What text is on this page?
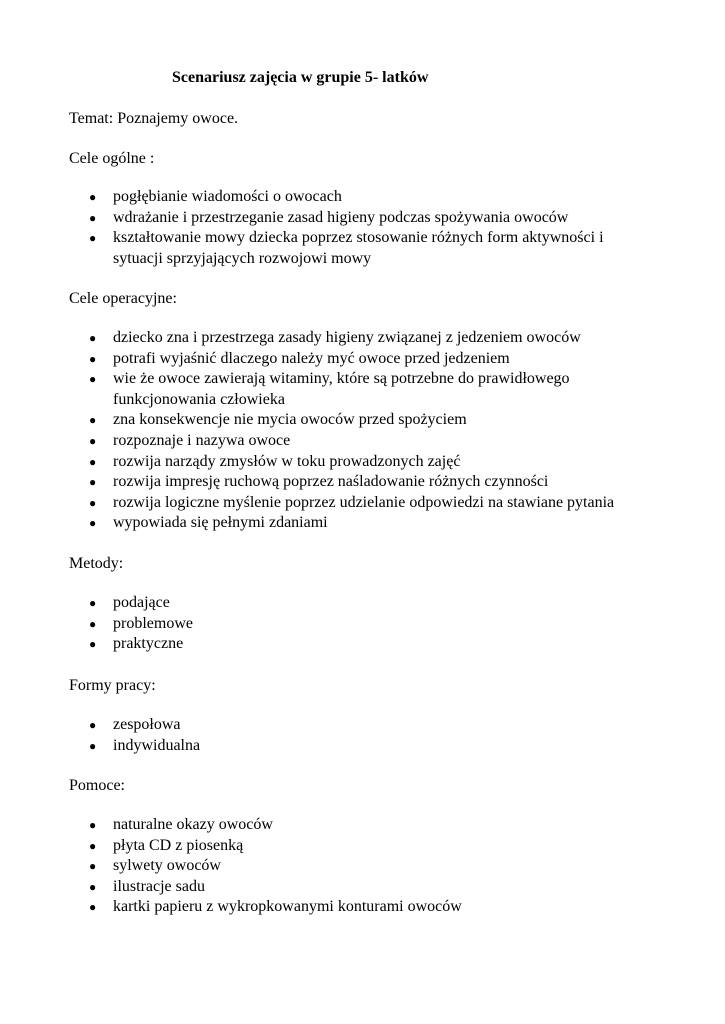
Scenariusz zajęcia w grupie 5- latków
Temat: Poznajemy owoce.
Cele ogólne :
● pogłębianie wiadomości o owocach
● wdrażanie i przestrzeganie zasad higieny podczas spożywania owoców
● kształtowanie mowy dziecka poprzez stosowanie różnych form aktywności i sytuacji sprzyjających rozwojowi mowy
Cele operacyjne:
● dziecko zna i przestrzega zasady higieny związanej z jedzeniem owoców
● potrafi wyjaśnić dlaczego należy myć owoce przed jedzeniem
● wie że owoce zawierają witaminy, które są potrzebne do prawidłowego funkcjonowania człowieka
● zna konsekwencje nie mycia owoców przed spożyciem
● rozpoznaje i nazywa owoce
● rozwija narządy zmysłów w toku prowadzonych zajęć
● rozwija impresję ruchową poprzez naśladowanie różnych czynności
● rozwija logiczne myślenie poprzez udzielanie odpowiedzi na stawiane pytania
● wypowiada się pełnymi zdaniami
Metody:
● podające
● problemowe
● praktyczne
Formy pracy:
● zespołowa
● indywidualna
Pomoce:
● naturalne okazy owoców
● płyta CD z piosenką
● sylwety owoców
● ilustracje sadu
● kartki papieru z wykropkowanymi konturami owoców
